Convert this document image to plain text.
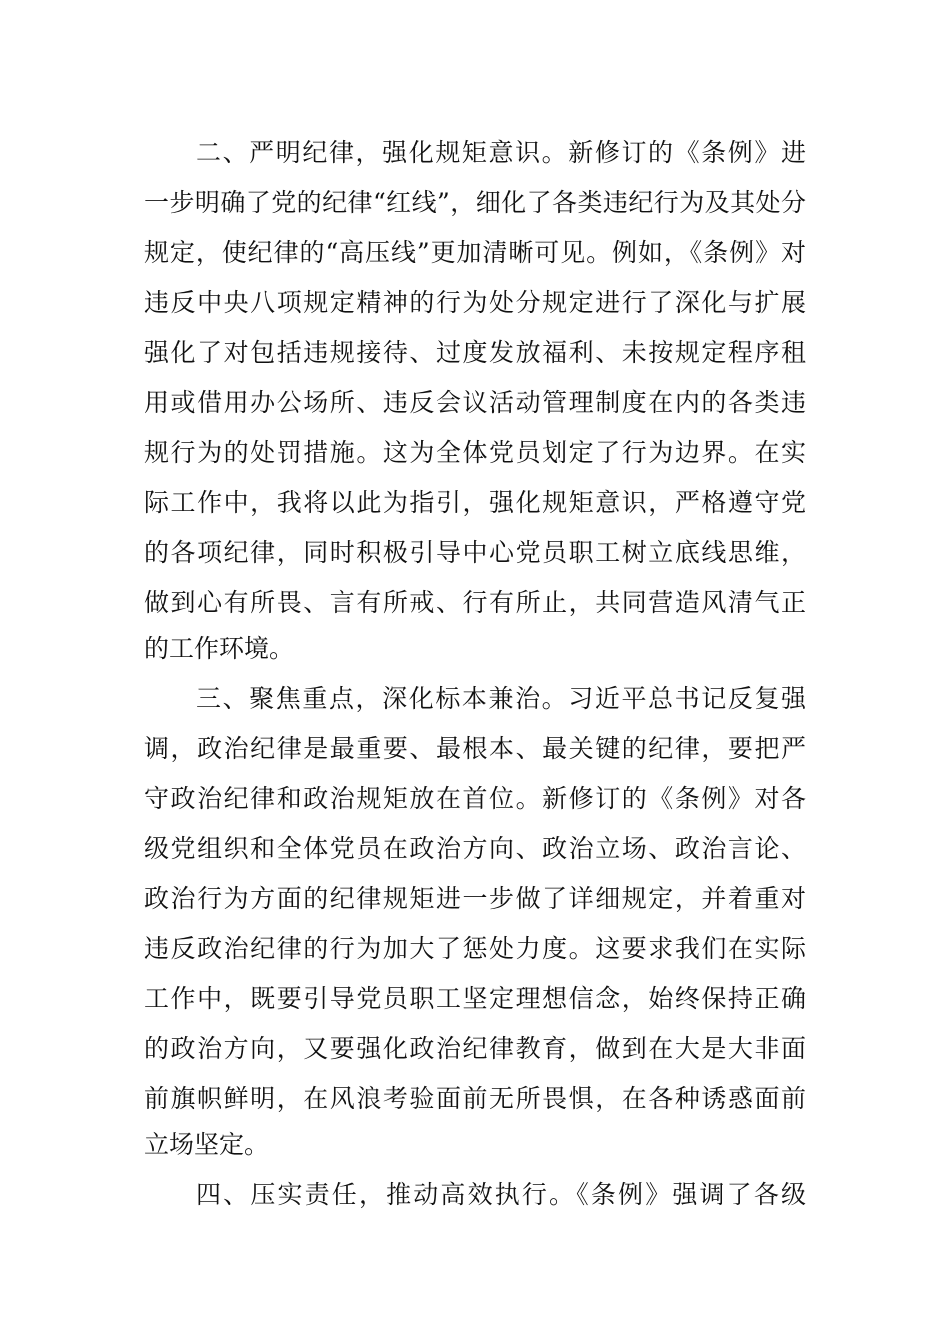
二、严明纪律，强化规矩意识。新修订的《条例》进
一步明确了党的纪律“红线”，细化了各类违纪行为及其处分
规定，使纪律的“高压线”更加清晰可见。例如，《条例》对
违反中央八项规定精神的行为处分规定进行了深化与扩展
强化了对包括违规接待、过度发放福利、未按规定程序租
用或借用办公场所、违反会议活动管理制度在内的各类违
规行为的处罚措施。这为全体党员划定了行为边界。在实
际工作中，我将以此为指引，强化规矩意识，严格遵守党
的各项纪律，同时积极引导中心党员职工树立底线思维，
做到心有所畏、言有所戒、行有所止，共同营造风清气正
的工作环境。
三、聚焦重点，深化标本兼治。习近平总书记反复强
调，政治纪律是最重要、最根本、最关键的纪律，要把严
守政治纪律和政治规矩放在首位。新修订的《条例》对各
级党组织和全体党员在政治方向、政治立场、政治言论、
政治行为方面的纪律规矩进一步做了详细规定，并着重对
违反政治纪律的行为加大了惩处力度。这要求我们在实际
工作中，既要引导党员职工坚定理想信念，始终保持正确
的政治方向，又要强化政治纪律教育，做到在大是大非面
前旗帜鲜明，在风浪考验面前无所畏惧，在各种诱惑面前
立场坚定。
四、压实责任，推动高效执行。《条例》强调了各级
